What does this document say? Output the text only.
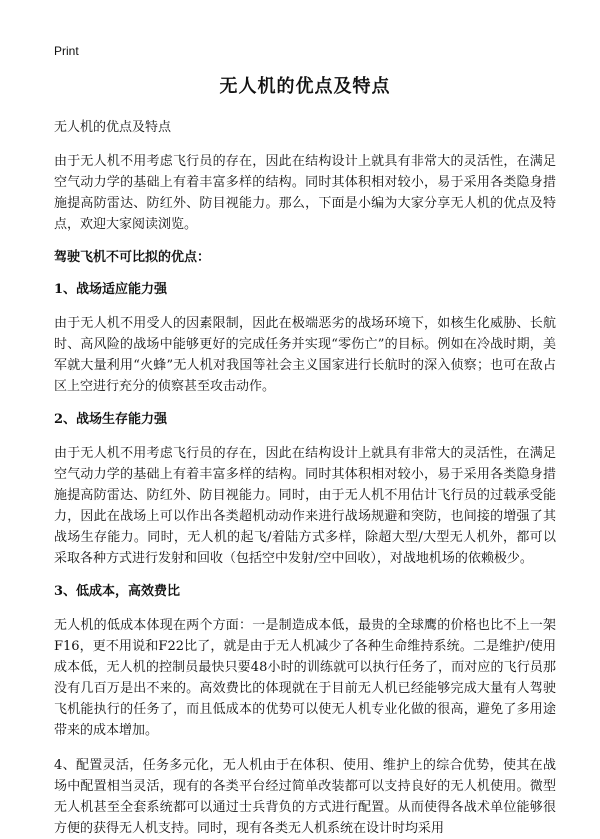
Print
无人机的优点及特点

无人机的优点及特点

由于无人机不用考虑飞行员的存在，因此在结构设计上就具有非常大的灵活性，在满足空气动力学的基础上有着丰富多样的结构。同时其体积相对较小，易于采用各类隐身措施提高防雷达、防红外、防目视能力。那么，下面是小编为大家分享无人机的优点及特点，欢迎大家阅读浏览。

驾驶飞机不可比拟的优点：
1、战场适应能力强

由于无人机不用受人的因素限制，因此在极端恶劣的战场环境下，如核生化威胁、长航时、高风险的战场中能够更好的完成任务并实现“零伤亡”的目标。例如在冷战时期，美军就大量利用“火蜂”无人机对我国等社会主义国家进行长航时的深入侦察；也可在敌占区上空进行充分的侦察甚至攻击动作。

2、战场生存能力强

由于无人机不用考虑飞行员的存在，因此在结构设计上就具有非常大的灵活性，在满足空气动力学的基础上有着丰富多样的结构。同时其体积相对较小，易于采用各类隐身措施提高防雷达、防红外、防目视能力。同时，由于无人机不用估计飞行员的过载承受能力，因此在战场上可以作出各类超机动动作来进行战场规避和突防，也间接的增强了其战场生存能力。同时，无人机的起飞/着陆方式多样，除超大型/大型无人机外，都可以采取各种方式进行发射和回收（包括空中发射/空中回收），对战地机场的依赖极少。

3、低成本，高效费比

无人机的低成本体现在两个方面：一是制造成本低，最贵的全球鹰的价格也比不上一架F16，更不用说和F22比了，就是由于无人机减少了各种生命维持系统。二是维护/使用成本低，无人机的控制员最快只要48小时的训练就可以执行任务了，而对应的飞行员那没有几百万是出不来的。高效费比的体现就在于目前无人机已经能够完成大量有人驾驶飞机能执行的任务了，而且低成本的优势可以使无人机专业化做的很高，避免了多用途带来的成本增加。

4、配置灵活，任务多元化，无人机由于在体积、使用、维护上的综合优势，使其在战场中配置相当灵活，现有的各类平台经过简单改装都可以支持良好的无人机使用。微型无人机甚至全套系统都可以通过士兵背负的方式进行配置。从而使得各战术单位能够很方便的获得无人机支持。同时，现有各类无人机系统在设计时均采用
